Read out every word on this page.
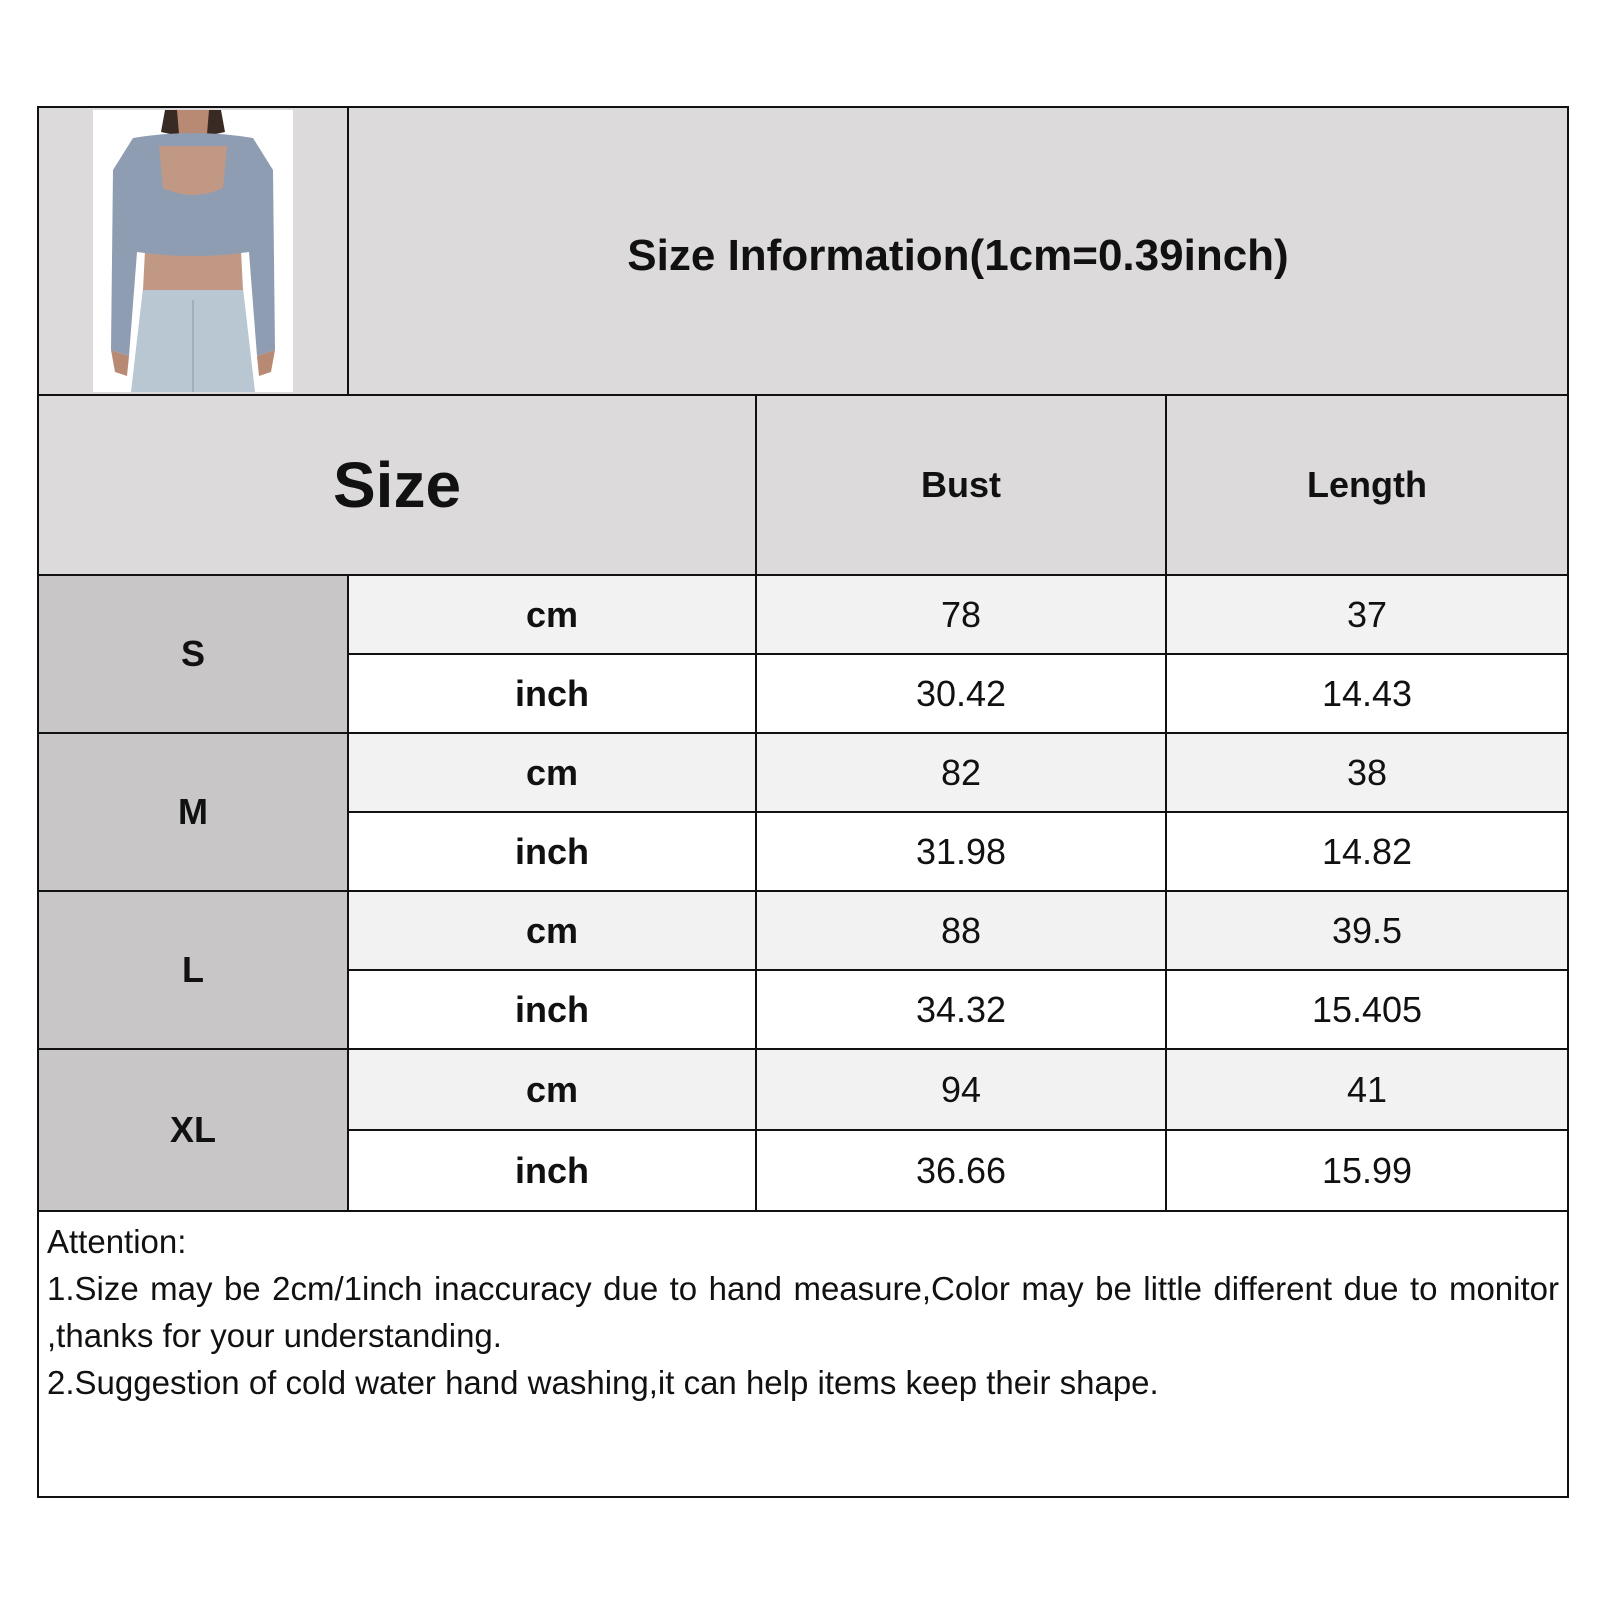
Size Information(1cm=0.39inch)
Size	Bust	Length
S
cm	78	37
inch	30.42	14.43
M
cm	82	38
inch	31.98	14.82
L
cm	88	39.5
inch	34.32	15.405
XL
cm	94	41
inch	36.66	15.99
Attention:
1.Size may be 2cm/1inch inaccuracy due to hand measure,Color may be little different due to monitor ,thanks for your understanding.
2.Suggestion of cold water hand washing,it can help items keep their shape.
